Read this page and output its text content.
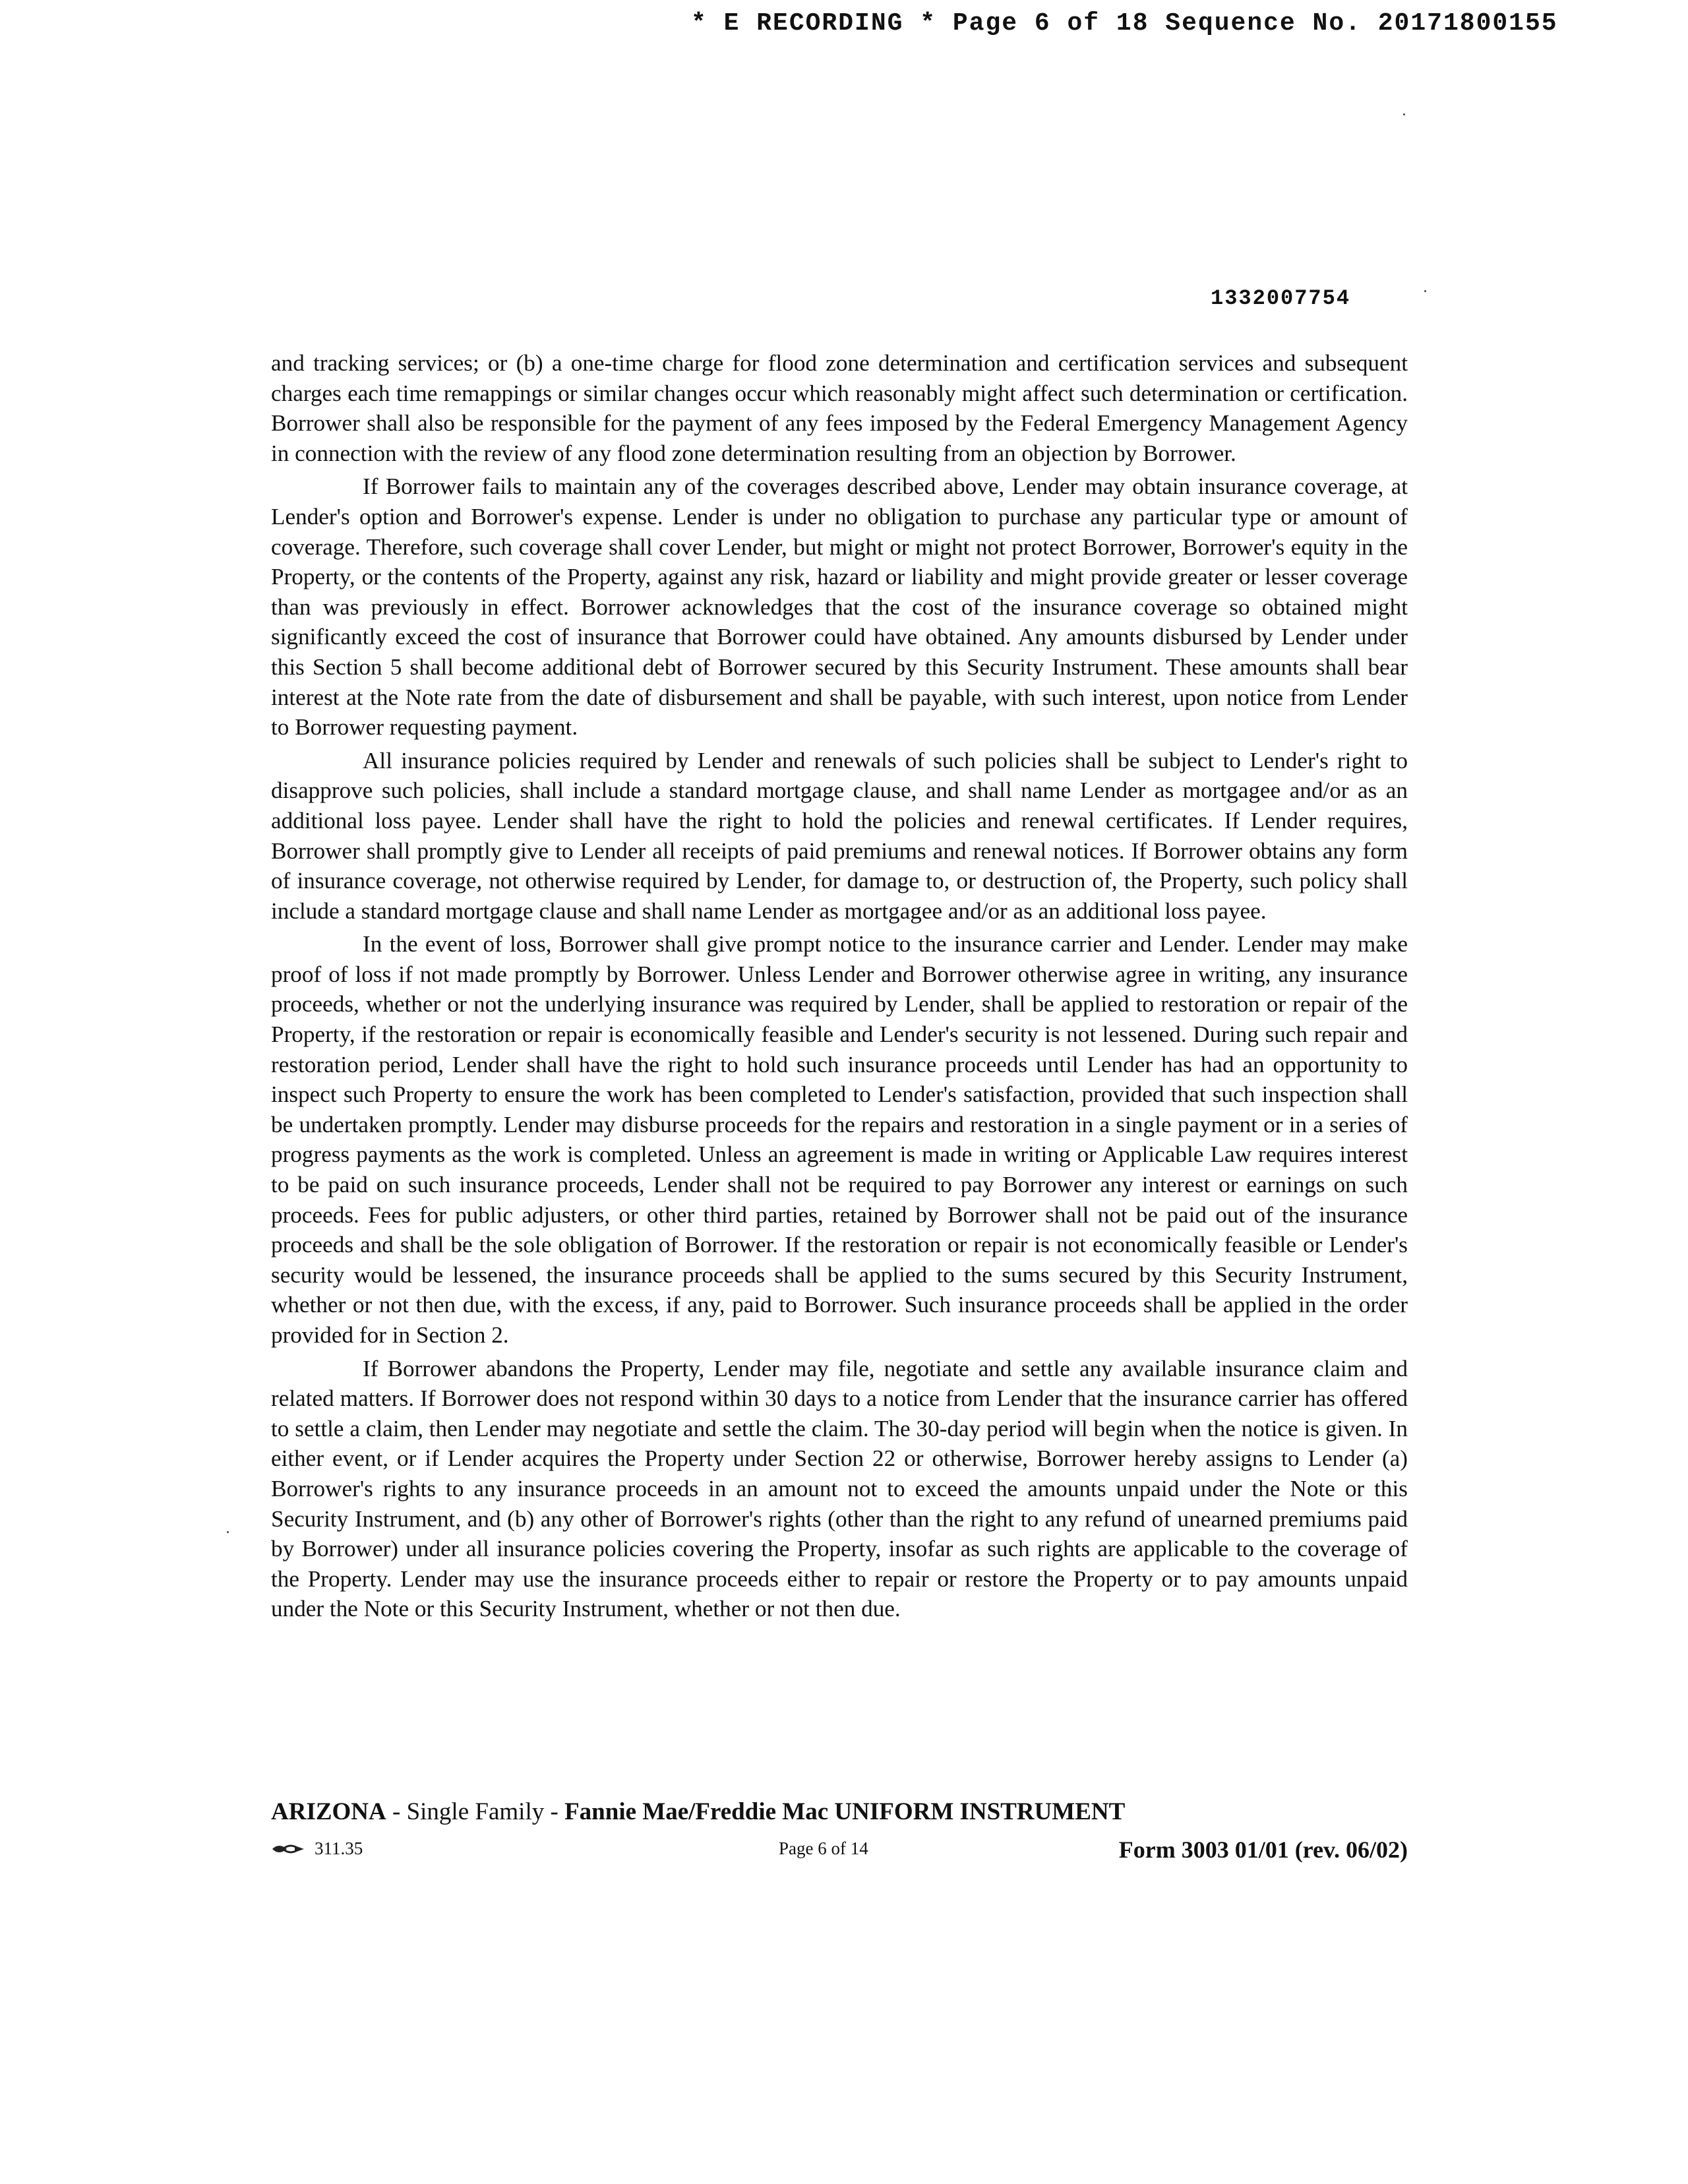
* E RECORDING * Page 6 of 18 Sequence No. 20171800155
1332007754

and tracking services; or (b) a one-time charge for flood zone determination and certification services and subsequent charges each time remappings or similar changes occur which reasonably might affect such determination or certification. Borrower shall also be responsible for the payment of any fees imposed by the Federal Emergency Management Agency in connection with the review of any flood zone determination resulting from an objection by Borrower.

If Borrower fails to maintain any of the coverages described above, Lender may obtain insurance coverage, at Lender's option and Borrower's expense. Lender is under no obligation to purchase any particular type or amount of coverage. Therefore, such coverage shall cover Lender, but might or might not protect Borrower, Borrower's equity in the Property, or the contents of the Property, against any risk, hazard or liability and might provide greater or lesser coverage than was previously in effect. Borrower acknowledges that the cost of the insurance coverage so obtained might significantly exceed the cost of insurance that Borrower could have obtained. Any amounts disbursed by Lender under this Section 5 shall become additional debt of Borrower secured by this Security Instrument. These amounts shall bear interest at the Note rate from the date of disbursement and shall be payable, with such interest, upon notice from Lender to Borrower requesting payment.

All insurance policies required by Lender and renewals of such policies shall be subject to Lender's right to disapprove such policies, shall include a standard mortgage clause, and shall name Lender as mortgagee and/or as an additional loss payee. Lender shall have the right to hold the policies and renewal certificates. If Lender requires, Borrower shall promptly give to Lender all receipts of paid premiums and renewal notices. If Borrower obtains any form of insurance coverage, not otherwise required by Lender, for damage to, or destruction of, the Property, such policy shall include a standard mortgage clause and shall name Lender as mortgagee and/or as an additional loss payee.

In the event of loss, Borrower shall give prompt notice to the insurance carrier and Lender. Lender may make proof of loss if not made promptly by Borrower. Unless Lender and Borrower otherwise agree in writing, any insurance proceeds, whether or not the underlying insurance was required by Lender, shall be applied to restoration or repair of the Property, if the restoration or repair is economically feasible and Lender's security is not lessened. During such repair and restoration period, Lender shall have the right to hold such insurance proceeds until Lender has had an opportunity to inspect such Property to ensure the work has been completed to Lender's satisfaction, provided that such inspection shall be undertaken promptly. Lender may disburse proceeds for the repairs and restoration in a single payment or in a series of progress payments as the work is completed. Unless an agreement is made in writing or Applicable Law requires interest to be paid on such insurance proceeds, Lender shall not be required to pay Borrower any interest or earnings on such proceeds. Fees for public adjusters, or other third parties, retained by Borrower shall not be paid out of the insurance proceeds and shall be the sole obligation of Borrower. If the restoration or repair is not economically feasible or Lender's security would be lessened, the insurance proceeds shall be applied to the sums secured by this Security Instrument, whether or not then due, with the excess, if any, paid to Borrower. Such insurance proceeds shall be applied in the order provided for in Section 2.

If Borrower abandons the Property, Lender may file, negotiate and settle any available insurance claim and related matters. If Borrower does not respond within 30 days to a notice from Lender that the insurance carrier has offered to settle a claim, then Lender may negotiate and settle the claim. The 30-day period will begin when the notice is given. In either event, or if Lender acquires the Property under Section 22 or otherwise, Borrower hereby assigns to Lender (a) Borrower's rights to any insurance proceeds in an amount not to exceed the amounts unpaid under the Note or this Security Instrument, and (b) any other of Borrower's rights (other than the right to any refund of unearned premiums paid by Borrower) under all insurance policies covering the Property, insofar as such rights are applicable to the coverage of the Property. Lender may use the insurance proceeds either to repair or restore the Property or to pay amounts unpaid under the Note or this Security Instrument, whether or not then due.

ARIZONA - Single Family - Fannie Mae/Freddie Mac UNIFORM INSTRUMENT
311.35	Page 6 of 14	Form 3003 01/01 (rev. 06/02)
